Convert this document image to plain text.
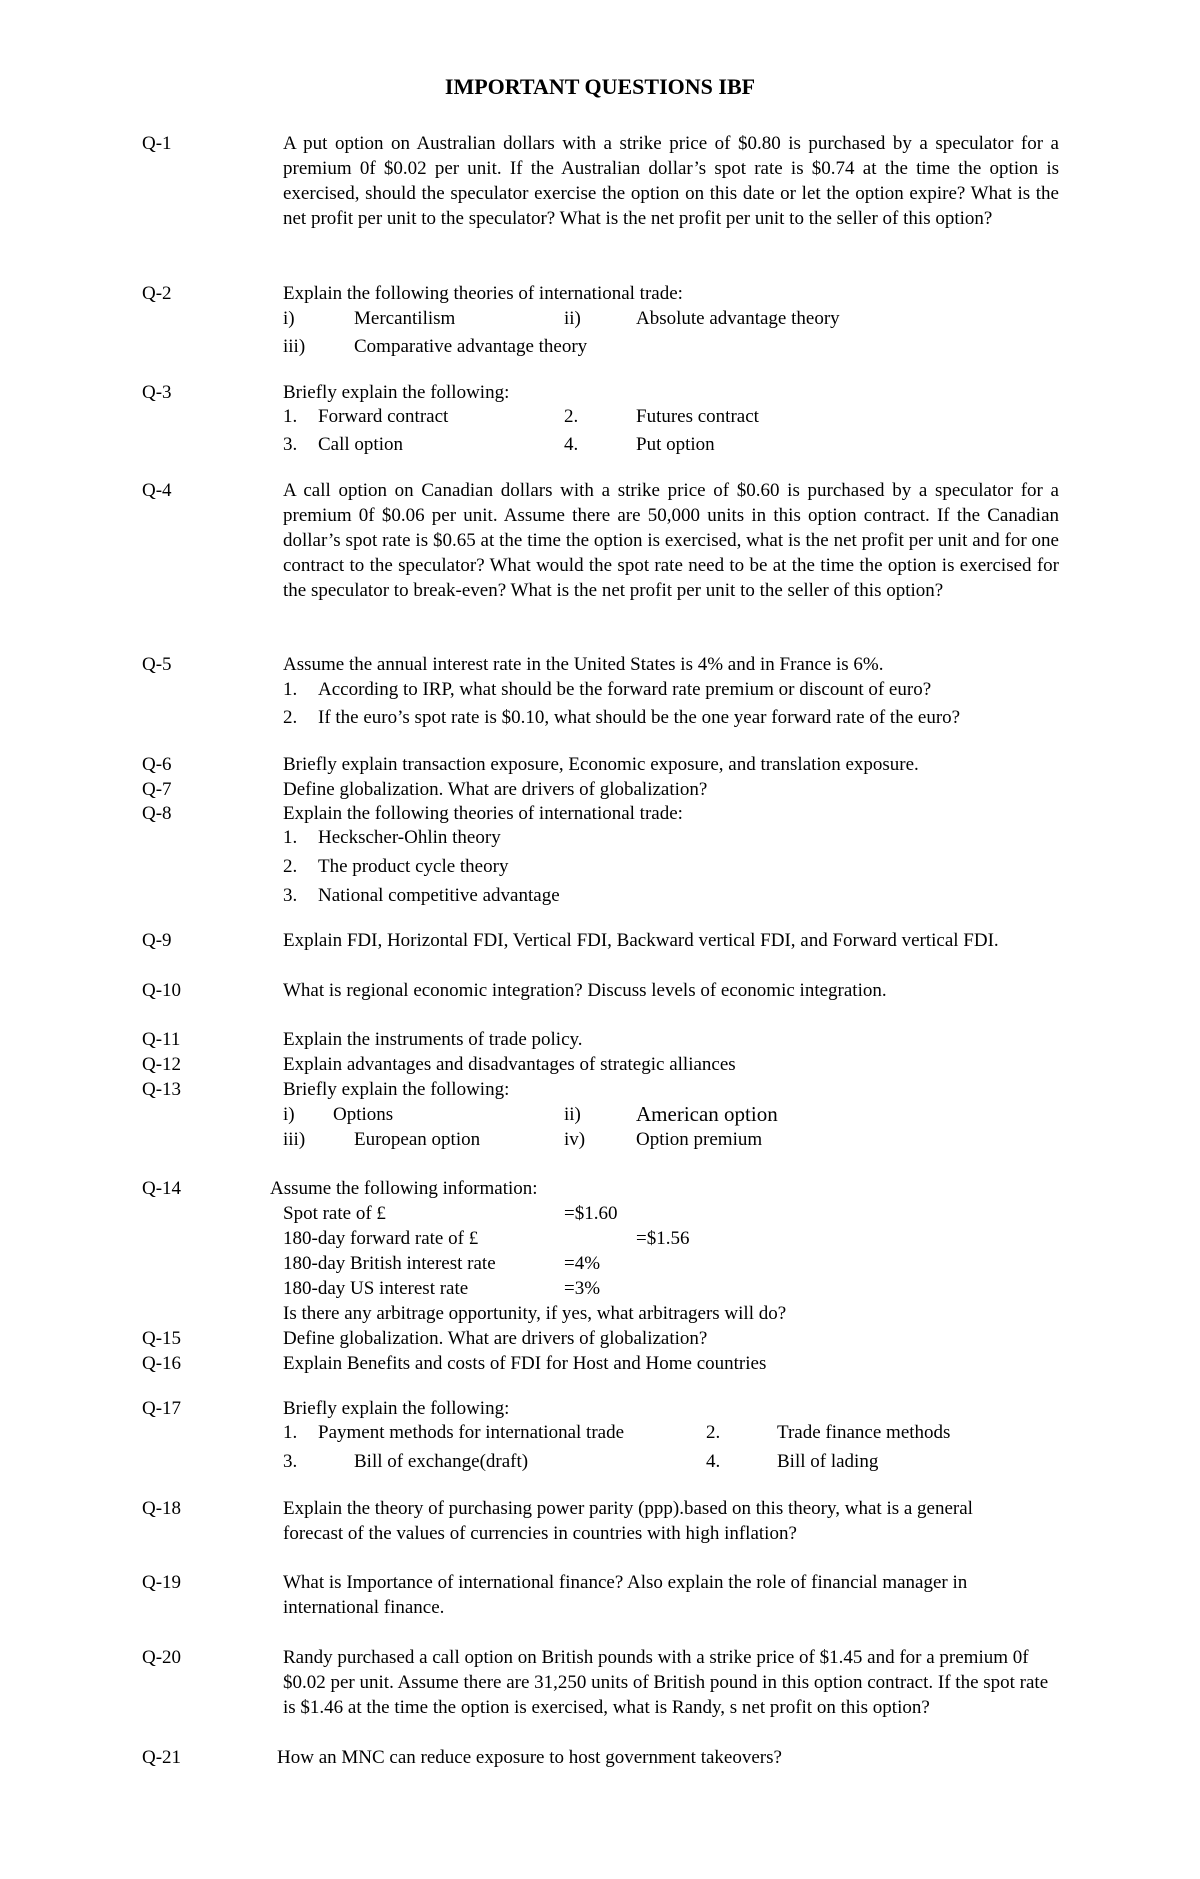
IMPORTANT QUESTIONS IBF
Q-1	A put option on Australian dollars with a strike price of $0.80 is purchased by a speculator for a premium 0f $0.02 per unit. If the Australian dollar’s spot rate is $0.74 at the time the option is exercised, should the speculator exercise the option on this date or let the option expire? What is the net profit per unit to the speculator? What is the net profit per unit to the seller of this option?
Q-2	Explain the following theories of international trade:
i)	Mercantilism	ii)	Absolute advantage theory
iii)	Comparative advantage theory
Q-3	Briefly explain the following:
1. Forward contract	2.	Futures contract
3. Call option	4.	Put option
Q-4	A call option on Canadian dollars with a strike price of $0.60 is purchased by a speculator for a premium 0f $0.06 per unit. Assume there are 50,000 units in this option contract. If the Canadian dollar’s spot rate is $0.65 at the time the option is exercised, what is the net profit per unit and for one contract to the speculator? What would the spot rate need to be at the time the option is exercised for the speculator to break-even? What is the net profit per unit to the seller of this option?
Q-5	Assume the annual interest rate in the United States is 4% and in France is 6%.
1. According to IRP, what should be the forward rate premium or discount of euro?
2. If the euro’s spot rate is $0.10, what should be the one year forward rate of the euro?
Q-6	Briefly explain transaction exposure, Economic exposure, and translation exposure.
Q-7	Define globalization. What are drivers of globalization?
Q-8	Explain the following theories of international trade:
1. Heckscher-Ohlin theory
2. The product cycle theory
3. National competitive advantage
Q-9	Explain FDI, Horizontal FDI, Vertical FDI, Backward vertical FDI, and Forward vertical FDI.
Q-10	What is regional economic integration? Discuss levels of economic integration.
Q-11	Explain the instruments of trade policy.
Q-12	Explain advantages and disadvantages of strategic alliances
Q-13	Briefly explain the following:
i) Options	ii)	American option
iii)	European option	iv)	Option premium
Q-14	Assume the following information:
Spot rate of £	=$1.60
180-day forward rate of £	=$1.56
180-day British interest rate	=4%
180-day US interest rate	=3%
Is there any arbitrage opportunity, if yes, what arbitragers will do?
Q-15	Define globalization. What are drivers of globalization?
Q-16	Explain Benefits and costs of FDI for Host and Home countries
Q-17	Briefly explain the following:
1. Payment methods for international trade	2.	Trade finance methods
3.	Bill of exchange(draft)	4.	Bill of lading
Q-18	Explain the theory of purchasing power parity (ppp).based on this theory, what is a general forecast of the values of currencies in countries with high inflation?
Q-19	What is Importance of international finance? Also explain the role of financial manager in international finance.
Q-20	Randy purchased a call option on British pounds with a strike price of $1.45 and for a premium 0f $0.02 per unit. Assume there are 31,250 units of British pound in this option contract. If the spot rate is $1.46 at the time the option is exercised, what is Randy, s net profit on this option?
Q-21	How an MNC can reduce exposure to host government takeovers?
